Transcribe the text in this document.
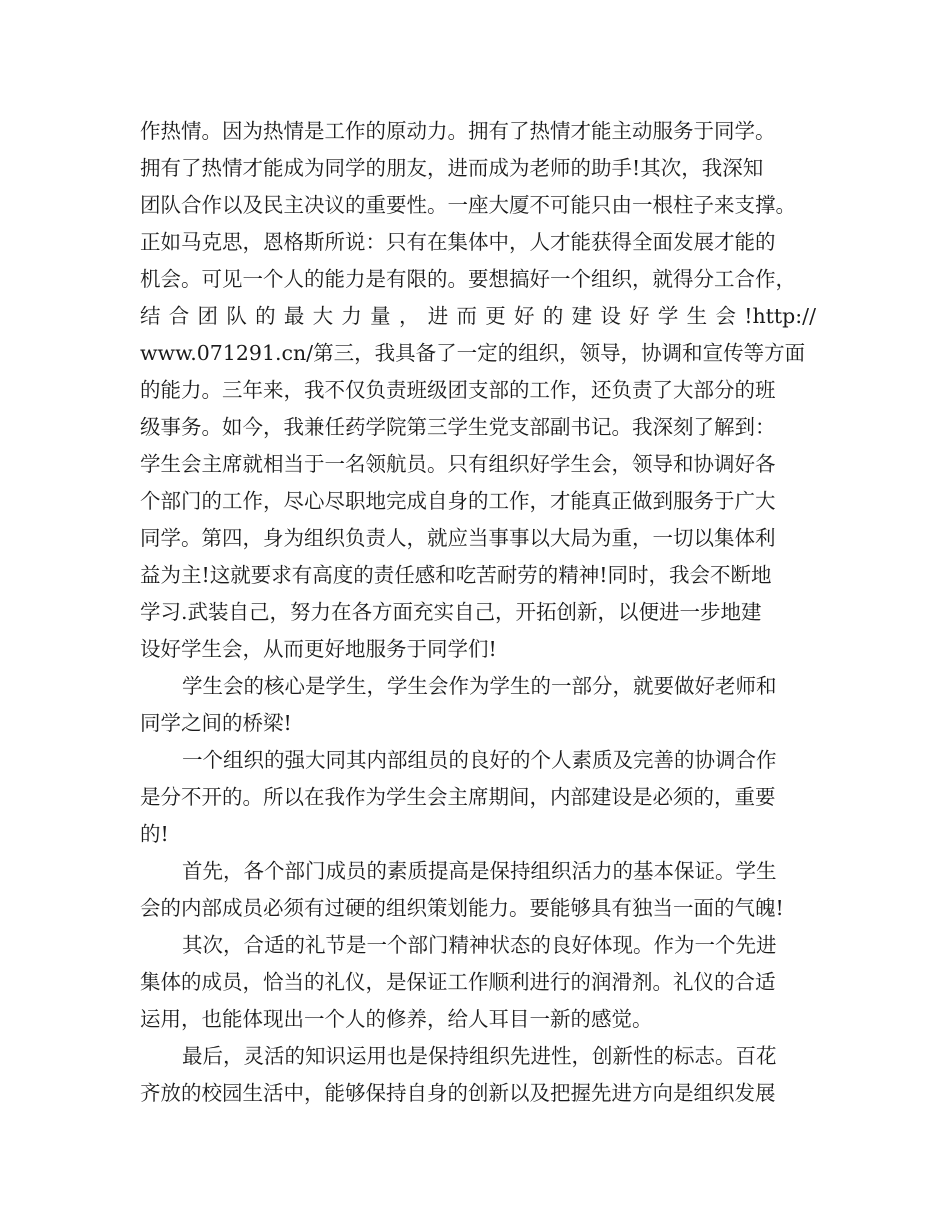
作热情。因为热情是工作的原动力。拥有了热情才能主动服务于同学。
拥有了热情才能成为同学的朋友，进而成为老师的助手!其次，我深知
团队合作以及民主决议的重要性。一座大厦不可能只由一根柱子来支撑。
正如马克思，恩格斯所说：只有在集体中，人才能获得全面发展才能的
机会。可见一个人的能力是有限的。要想搞好一个组织，就得分工合作，
结合团队的最大力量，进而更好的建设好学生会!http://
www.071291.cn/第三，我具备了一定的组织，领导，协调和宣传等方面
的能力。三年来，我不仅负责班级团支部的工作，还负责了大部分的班
级事务。如今，我兼任药学院第三学生党支部副书记。我深刻了解到：
学生会主席就相当于一名领航员。只有组织好学生会，领导和协调好各
个部门的工作，尽心尽职地完成自身的工作，才能真正做到服务于广大
同学。第四，身为组织负责人，就应当事事以大局为重，一切以集体利
益为主!这就要求有高度的责任感和吃苦耐劳的精神!同时，我会不断地
学习.武装自己，努力在各方面充实自己，开拓创新，以便进一步地建
设好学生会，从而更好地服务于同学们!
学生会的核心是学生，学生会作为学生的一部分，就要做好老师和
同学之间的桥梁!
一个组织的强大同其内部组员的良好的个人素质及完善的协调合作
是分不开的。所以在我作为学生会主席期间，内部建设是必须的，重要
的!
首先，各个部门成员的素质提高是保持组织活力的基本保证。学生
会的内部成员必须有过硬的组织策划能力。要能够具有独当一面的气魄!
其次，合适的礼节是一个部门精神状态的良好体现。作为一个先进
集体的成员，恰当的礼仪，是保证工作顺利进行的润滑剂。礼仪的合适
运用，也能体现出一个人的修养，给人耳目一新的感觉。
最后，灵活的知识运用也是保持组织先进性，创新性的标志。百花
齐放的校园生活中，能够保持自身的创新以及把握先进方向是组织发展
